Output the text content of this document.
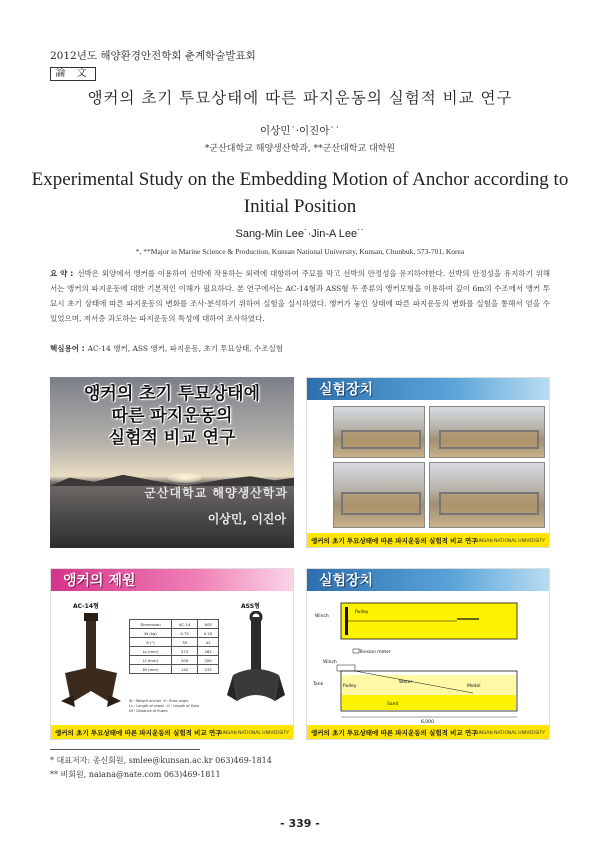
2012년도 해양환경안전학회 춘계학술발표회
論 文
앵커의 초기 투묘상태에 따른 파지운동의 실험적 비교 연구
이상민˙·이진아˙˙
*군산대학교 해양생산학과, **군산대학교 대학원
Experimental Study on the Embedding Motion of Anchor according to Initial Position
Sang-Min Lee˙·Jin-A Lee˙˙
*, **Major in Marine Science & Production, Kunsan National University, Kunsan, Chunbuk, 573-701, Korea
요 약 : 선박은 외양에서 앵커를 이용하여 선박에 작용하는 외력에 대항하여 주묘를 막고 선박의 안정성을 유지하야한다. 선박의 안정성을 유지하기 위해서는 앵커의 파지운동에 대한 기본적인 이해가 필요하다. 본 연구에서는 AC-14형과 ASS형 두 종류의 앵커모형을 이용하여 깊이 6m의 수조에서 앵커 투묘시 초기 상태에 따른 파지운동의 변화를 조사·분석하기 위하여 실험을 실시하였다. 앵커가 놓인 상태에 따른 파지운동의 변화를 실험을 통해서 얻을 수 있었으며, 저서층 과도하는 파지운동의 특성에 대하여 조사하였다.
핵심용어 : AC-14 앵커, ASS 앵커, 파지운동, 초기 투묘상태, 수조실험
앵커의 초기 투묘상태에
따른 파지운동의
실험적 비교 연구
군산대학교 해양생산학과
이상민, 이진아
실험장치
앵커의 초기 투묘상태에 따른 파지운동의 실험적 비교 연구
KUNSAN NATIONAL UNIVERSITY
앵커의 제원
AC-14형	ASS형
Dimension	AC-14	ASS
W (kg)	0.75	0.20
θ (°)	35	42
Ls (mm)	273	262
Lf (mm)	209	200
Df (mm)	142	233
W : Weight anchor θ : fluke angle
Ls : Length of shank Lf : Length of fluke
Df : Distance of flukes
앵커의 초기 투묘상태에 따른 파지운동의 실험적 비교 연구
KUNSAN NATIONAL UNIVERSITY
실험장치
Winch
Pulley
Tension meter
Winch
Tank	Pulley
Water
Model
Sand
6,000
앵커의 초기 투묘상태에 따른 파지운동의 실험적 비교 연구
KUNSAN NATIONAL UNIVERSITY
* 대표저자: 종신회원, smlee@kunsan.ac.kr 063)469-1814
** 비회원, naiana@nate.com 063)469-1811
- 339 -
